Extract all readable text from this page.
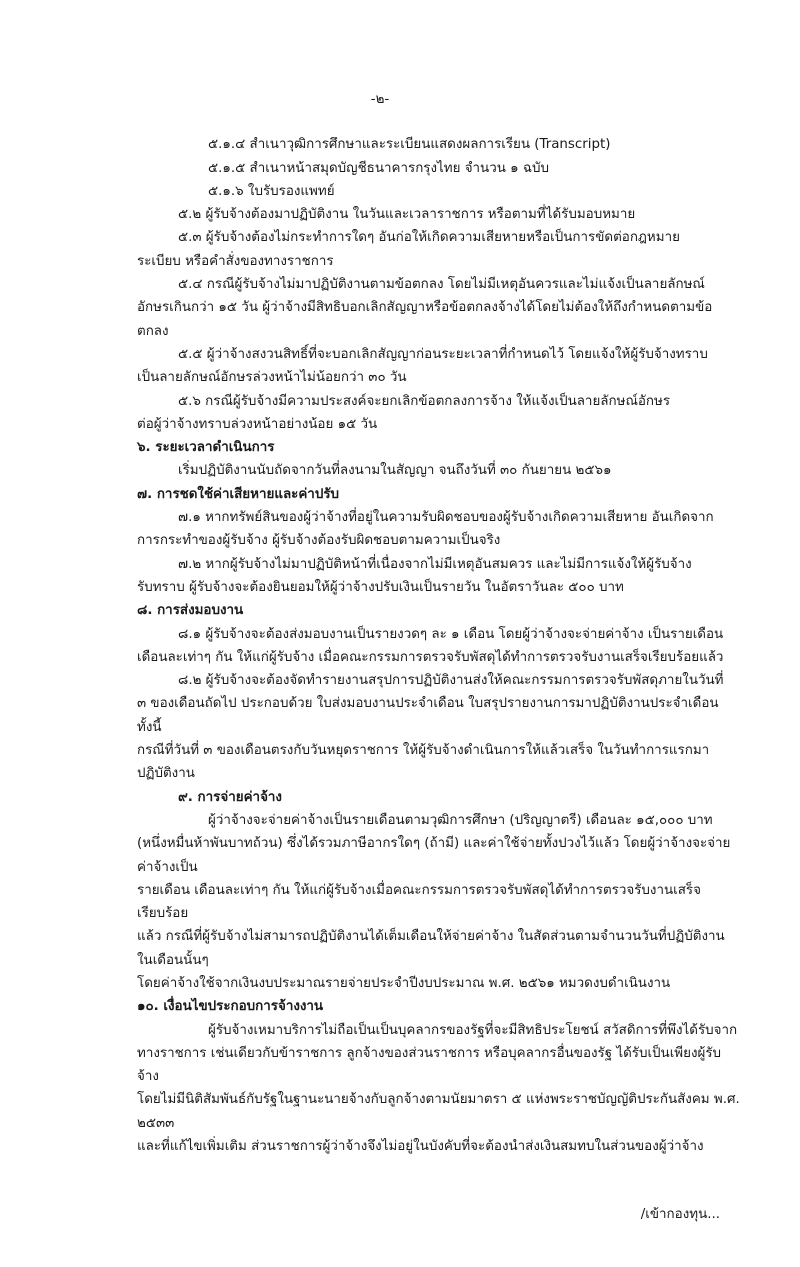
-๒-
๕.๑.๔ สำเนาวุฒิการศึกษาและระเบียนแสดงผลการเรียน (Transcript)
๕.๑.๕ สำเนาหน้าสมุดบัญชีธนาคารกรุงไทย จำนวน ๑ ฉบับ
๕.๑.๖ ใบรับรองแพทย์
๕.๒ ผู้รับจ้างต้องมาปฏิบัติงาน ในวันและเวลาราชการ หรือตามที่ได้รับมอบหมาย
๕.๓ ผู้รับจ้างต้องไม่กระทำการใดๆ อันก่อให้เกิดความเสียหายหรือเป็นการขัดต่อกฎหมาย
ระเบียบ หรือคำสั่งของทางราชการ
๕.๔ กรณีผู้รับจ้างไม่มาปฏิบัติงานตามข้อตกลง โดยไม่มีเหตุอันควรและไม่แจ้งเป็นลายลักษณ์
อักษรเกินกว่า ๑๕ วัน ผู้ว่าจ้างมีสิทธิบอกเลิกสัญญาหรือข้อตกลงจ้างได้โดยไม่ต้องให้ถึงกำหนดตามข้อตกลง
๕.๕ ผู้ว่าจ้างสงวนสิทธิ์ที่จะบอกเลิกสัญญาก่อนระยะเวลาที่กำหนดไว้ โดยแจ้งให้ผู้รับจ้างทราบ
เป็นลายลักษณ์อักษรล่วงหน้าไม่น้อยกว่า ๓๐ วัน
๕.๖ กรณีผู้รับจ้างมีความประสงค์จะยกเลิกข้อตกลงการจ้าง ให้แจ้งเป็นลายลักษณ์อักษร
ต่อผู้ว่าจ้างทราบล่วงหน้าอย่างน้อย ๑๕ วัน
๖. ระยะเวลาดำเนินการ
เริ่มปฏิบัติงานนับถัดจากวันที่ลงนามในสัญญา จนถึงวันที่ ๓๐ กันยายน ๒๕๖๑
๗. การชดใช้ค่าเสียหายและค่าปรับ
๗.๑ หากทรัพย์สินของผู้ว่าจ้างที่อยู่ในความรับผิดชอบของผู้รับจ้างเกิดความเสียหาย อันเกิดจาก
การกระทำของผู้รับจ้าง ผู้รับจ้างต้องรับผิดชอบตามความเป็นจริง
๗.๒ หากผู้รับจ้างไม่มาปฏิบัติหน้าที่เนื่องจากไม่มีเหตุอันสมควร และไม่มีการแจ้งให้ผู้รับจ้าง
รับทราบ ผู้รับจ้างจะต้องยินยอมให้ผู้ว่าจ้างปรับเงินเป็นรายวัน ในอัตราวันละ ๕๐๐ บาท
๘. การส่งมอบงาน
๘.๑ ผู้รับจ้างจะต้องส่งมอบงานเป็นรายงวดๆ ละ ๑ เดือน โดยผู้ว่าจ้างจะจ่ายค่าจ้าง เป็นรายเดือน
เดือนละเท่าๆ กัน ให้แก่ผู้รับจ้าง เมื่อคณะกรรมการตรวจรับพัสดุได้ทำการตรวจรับงานเสร็จเรียบร้อยแล้ว
๘.๒ ผู้รับจ้างจะต้องจัดทำรายงานสรุปการปฏิบัติงานส่งให้คณะกรรมการตรวจรับพัสดุภายในวันที่
๓ ของเดือนถัดไป ประกอบด้วย ใบส่งมอบงานประจำเดือน ใบสรุปรายงานการมาปฏิบัติงานประจำเดือน ทั้งนี้
กรณีที่วันที่ ๓ ของเดือนตรงกับวันหยุดราชการ ให้ผู้รับจ้างดำเนินการให้แล้วเสร็จ ในวันทำการแรกมา
ปฏิบัติงาน
๙. การจ่ายค่าจ้าง
ผู้ว่าจ้างจะจ่ายค่าจ้างเป็นรายเดือนตามวุฒิการศึกษา (ปริญญาตรี) เดือนละ ๑๕,๐๐๐ บาท
(หนึ่งหมื่นห้าพันบาทถ้วน) ซึ่งได้รวมภาษีอากรใดๆ (ถ้ามี) และค่าใช้จ่ายทั้งปวงไว้แล้ว โดยผู้ว่าจ้างจะจ่ายค่าจ้างเป็น
รายเดือน เดือนละเท่าๆ กัน ให้แก่ผู้รับจ้างเมื่อคณะกรรมการตรวจรับพัสดุได้ทำการตรวจรับงานเสร็จเรียบร้อย
แล้ว กรณีที่ผู้รับจ้างไม่สามารถปฏิบัติงานได้เต็มเดือนให้จ่ายค่าจ้าง ในสัดส่วนตามจำนวนวันที่ปฏิบัติงานในเดือนนั้นๆ
โดยค่าจ้างใช้จากเงินงบประมาณรายจ่ายประจำปีงบประมาณ พ.ศ. ๒๕๖๑ หมวดงบดำเนินงาน
๑๐. เงื่อนไขประกอบการจ้างงาน
ผู้รับจ้างเหมาบริการไม่ถือเป็นเป็นบุคลากรของรัฐที่จะมีสิทธิประโยชน์ สวัสดิการที่พึงได้รับจาก
ทางราชการ เช่นเดียวกับข้าราชการ ลูกจ้างของส่วนราชการ หรือบุคลากรอื่นของรัฐ ได้รับเป็นเพียงผู้รับจ้าง
โดยไม่มีนิติสัมพันธ์กับรัฐในฐานะนายจ้างกับลูกจ้างตามนัยมาตรา ๕ แห่งพระราชบัญญัติประกันสังคม พ.ศ. ๒๕๓๓
และที่แก้ไขเพิ่มเติม ส่วนราชการผู้ว่าจ้างจึงไม่อยู่ในบังคับที่จะต้องนำส่งเงินสมทบในส่วนของผู้ว่าจ้าง
/เข้ากองทุน...
